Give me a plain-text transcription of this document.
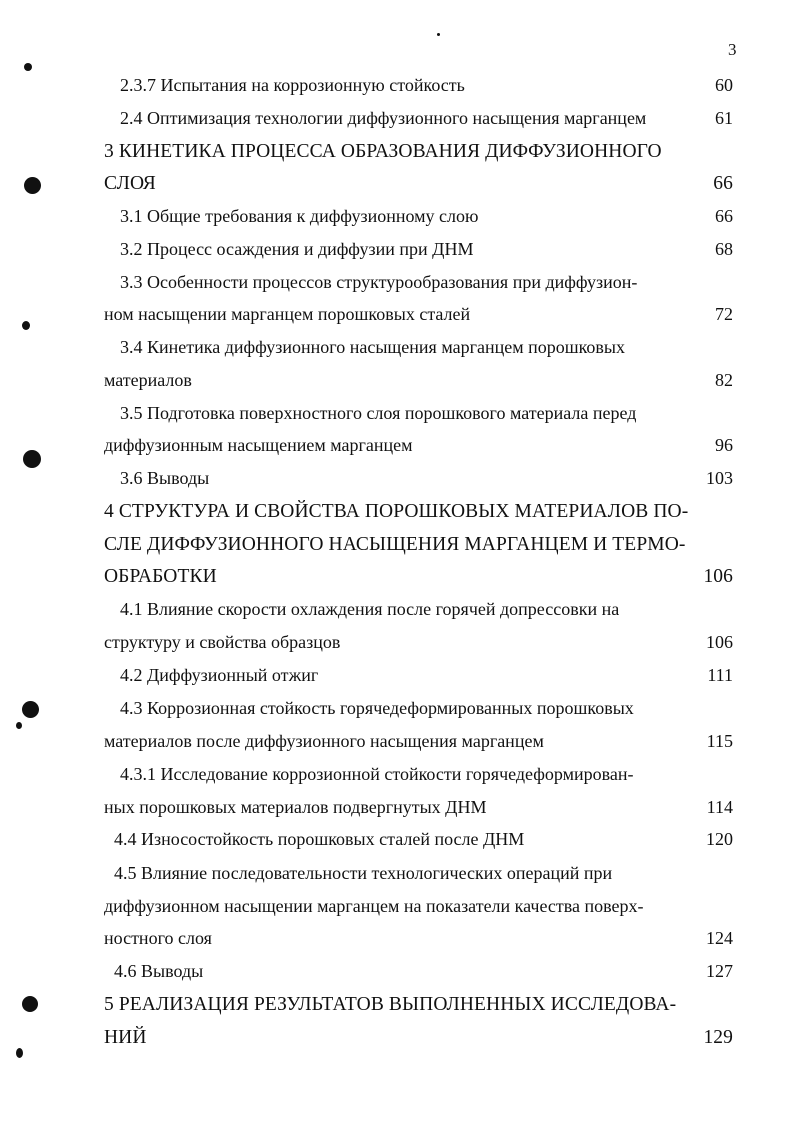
3
2.3.7 Испытания на коррозионную стойкость	60
2.4 Оптимизация технологии диффузионного насыщения марганцем	61
3 КИНЕТИКА ПРОЦЕССА ОБРАЗОВАНИЯ ДИФФУЗИОННОГО
СЛОЯ	66
3.1 Общие требования к диффузионному слою	66
3.2 Процесс осаждения и диффузии при ДНМ	68
3.3 Особенности процессов структурообразования при диффузион-
ном насыщении марганцем порошковых сталей	72
3.4 Кинетика диффузионного насыщения марганцем порошковых
материалов	82
3.5 Подготовка поверхностного слоя порошкового материала перед
диффузионным насыщением марганцем	96
3.6 Выводы	103
4 СТРУКТУРА И СВОЙСТВА ПОРОШКОВЫХ МАТЕРИАЛОВ ПО-
СЛЕ ДИФФУЗИОННОГО НАСЫЩЕНИЯ МАРГАНЦЕМ И ТЕРМО-
ОБРАБОТКИ	106
4.1 Влияние скорости охлаждения после горячей допрессовки на
структуру и свойства образцов	106
4.2 Диффузионный отжиг	111
4.3 Коррозионная стойкость горячедеформированных порошковых
материалов после диффузионного насыщения марганцем	115
4.3.1 Исследование коррозионной стойкости горячедеформирован-
ных порошковых материалов подвергнутых ДНМ	114
4.4 Износостойкость порошковых сталей после ДНМ	120
4.5 Влияние последовательности технологических операций при
диффузионном насыщении марганцем на показатели качества поверх-
ностного слоя	124
4.6 Выводы	127
5 РЕАЛИЗАЦИЯ РЕЗУЛЬТАТОВ ВЫПОЛНЕННЫХ ИССЛЕДОВА-
НИЙ	129
